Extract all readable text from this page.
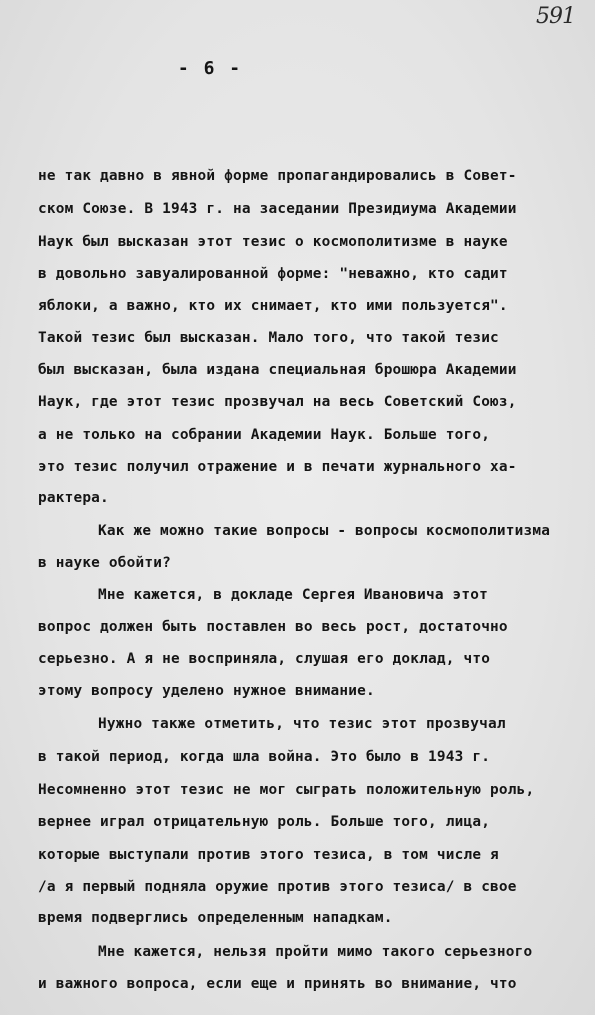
591
- 6 -
не так давно в явной форме пропагандировались в Совет-
ском Союзе. В 1943 г. на заседании Президиума Академии
Наук был высказан этот тезис о космополитизме в науке
в довольно завуалированной форме: "неважно, кто садит
яблоки, а важно, кто их снимает, кто ими пользуется".
Такой тезис был высказан. Мало того, что такой тезис
был высказан, была издана специальная брошюра Академии
Наук, где этот тезис прозвучал на весь Советский Союз,
а не только на собрании Академии Наук. Больше того,
это тезис получил отражение и в печати журнального ха-
рактера.
Как же можно такие вопросы - вопросы космополитизма
в науке обойти?
Мне кажется, в докладе Сергея Ивановича этот
вопрос должен быть поставлен во весь рост, достаточно
серьезно. А я не восприняла, слушая его доклад, что
этому вопросу уделено нужное внимание.
Нужно также отметить, что тезис этот прозвучал
в такой период, когда шла война. Это было в 1943 г.
Несомненно этот тезис не мог сыграть положительную роль,
вернее играл отрицательную роль. Больше того, лица,
которые выступали против этого тезиса, в том числе я
/а я первый подняла оружие против этого тезиса/ в свое
время подверглись определенным нападкам.
Мне кажется, нельзя пройти мимо такого серьезного
и важного вопроса, если еще и принять во внимание, что
